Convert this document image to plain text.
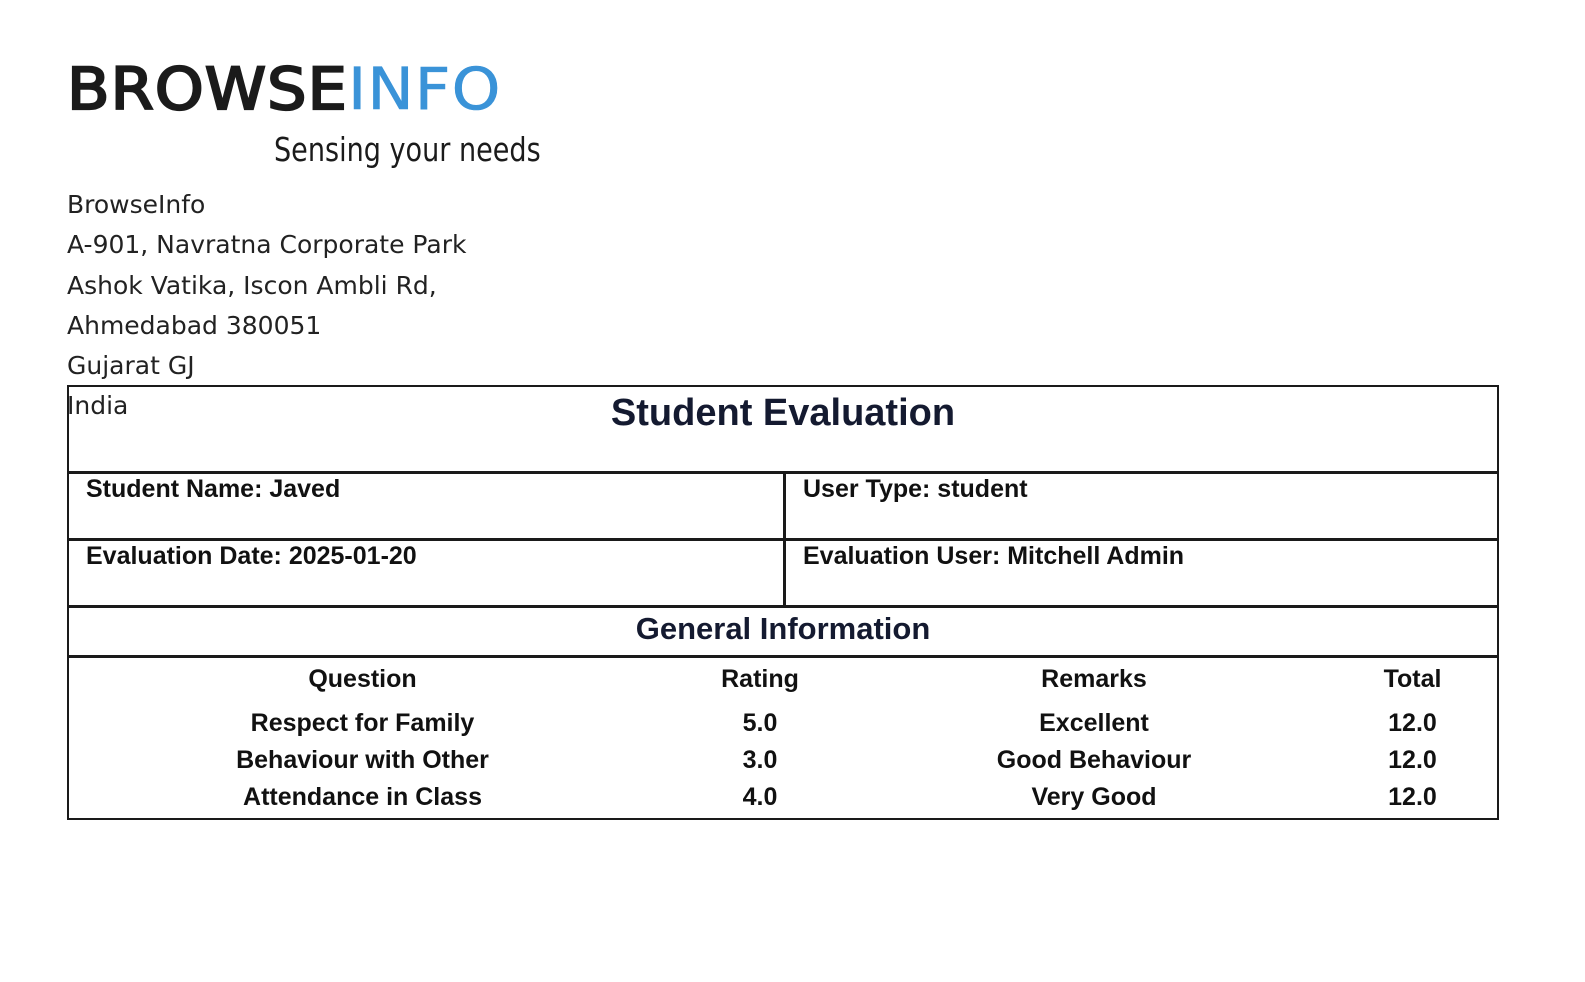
BROWSEINFO
Sensing your needs
BrowseInfo
A-901, Navratna Corporate Park
Ashok Vatika, Iscon Ambli Rd,
Ahmedabad 380051
Gujarat GJ
India	Student Evaluation
Student Name: Javed	User Type: student
Evaluation Date: 2025-01-20	Evaluation User: Mitchell Admin
General Information
Question	Rating	Remarks	Total
Respect for Family	5.0	Excellent	12.0
Behaviour with Other	3.0	Good Behaviour	12.0
Attendance in Class	4.0	Very Good	12.0
